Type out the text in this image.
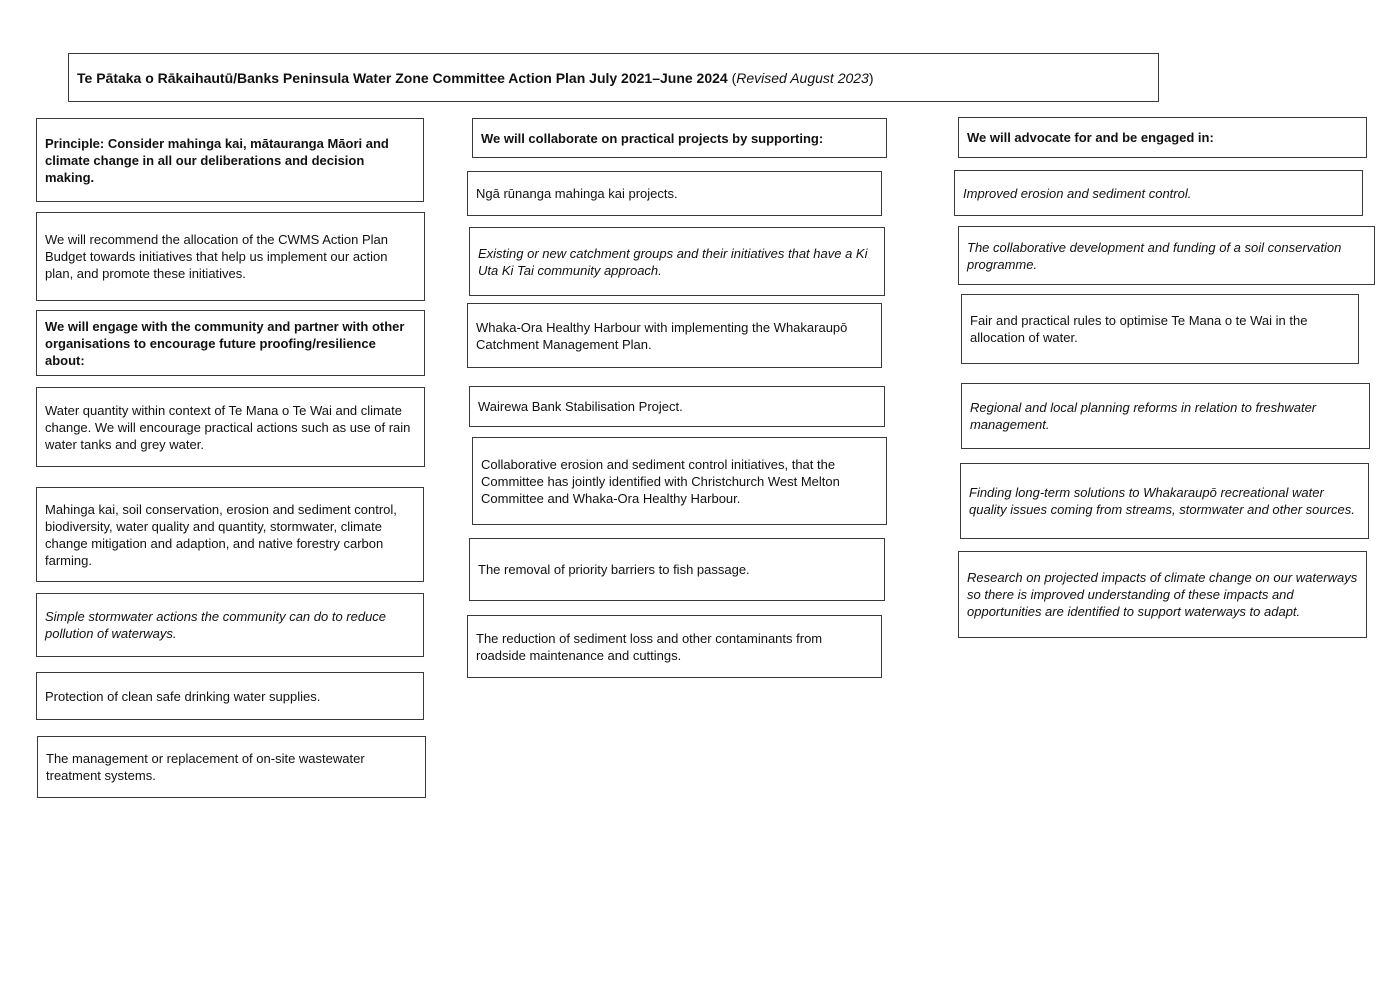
Te Pātaka o Rākaihautū/Banks Peninsula Water Zone Committee Action Plan July 2021–June 2024 (Revised August 2023)

Principle: Consider mahinga kai, mātauranga Māori and climate change in all our deliberations and decision making.

We will recommend the allocation of the CWMS Action Plan Budget towards initiatives that help us implement our action plan, and promote these initiatives.

We will engage with the community and partner with other organisations to encourage future proofing/resilience about:

Water quantity within context of Te Mana o Te Wai and climate change. We will encourage practical actions such as use of rain water tanks and grey water.

Mahinga kai, soil conservation, erosion and sediment control, biodiversity, water quality and quantity, stormwater, climate change mitigation and adaption, and native forestry carbon farming.

Simple stormwater actions the community can do to reduce pollution of waterways.

Protection of clean safe drinking water supplies.

The management or replacement of on-site wastewater treatment systems.

We will collaborate on practical projects by supporting:

Ngā rūnanga mahinga kai projects.

Existing or new catchment groups and their initiatives that have a Ki Uta Ki Tai community approach.

Whaka-Ora Healthy Harbour with implementing the Whakaraupō Catchment Management Plan.

Wairewa Bank Stabilisation Project.

Collaborative erosion and sediment control initiatives, that the Committee has jointly identified with Christchurch West Melton Committee and Whaka-Ora Healthy Harbour.

The removal of priority barriers to fish passage.

The reduction of sediment loss and other contaminants from roadside maintenance and cuttings.

We will advocate for and be engaged in:

Improved erosion and sediment control.

The collaborative development and funding of a soil conservation programme.

Fair and practical rules to optimise Te Mana o te Wai in the allocation of water.

Regional and local planning reforms in relation to freshwater management.

Finding long-term solutions to Whakaraupō recreational water quality issues coming from streams, stormwater and other sources.

Research on projected impacts of climate change on our waterways so there is improved understanding of these impacts and opportunities are identified to support waterways to adapt.
